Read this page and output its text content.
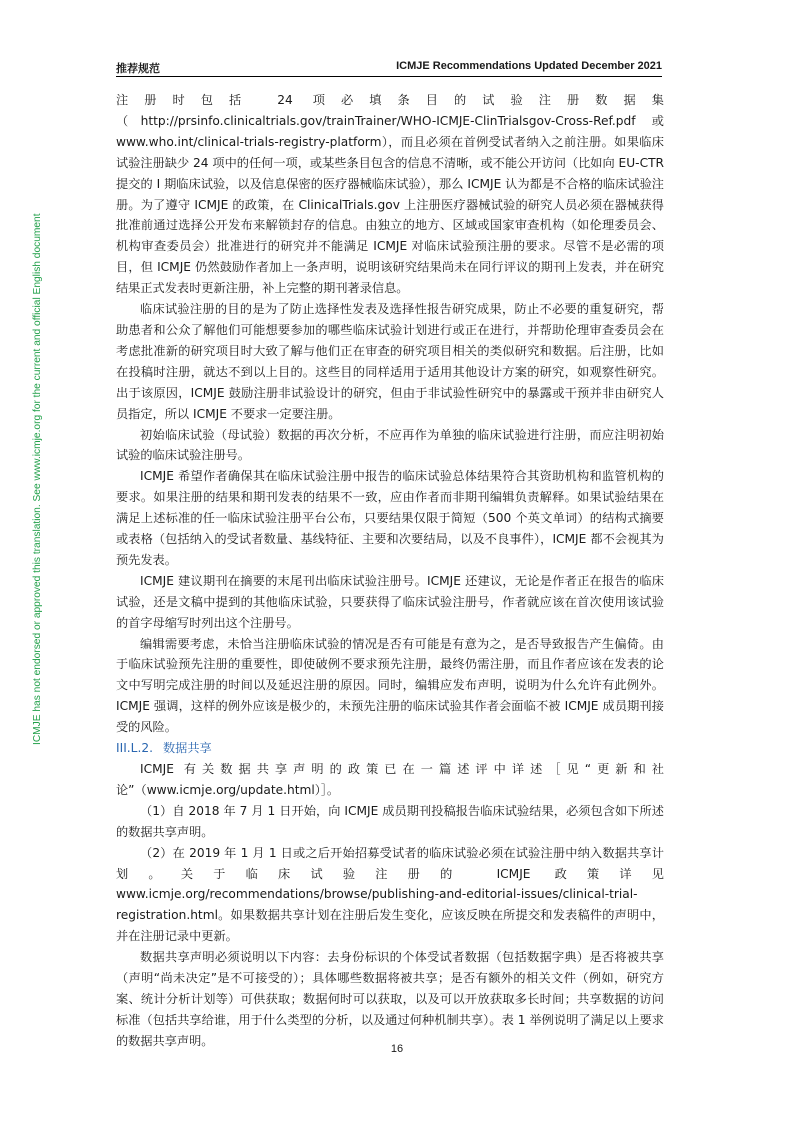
推荐规范	ICMJE Recommendations Updated December 2021
ICMJE has not endorsed or approved this translation. See www.icmje.org for the current and official English document

注册时包括 24 项必填条目的试验注册数据集（http://prsinfo.clinicaltrials.gov/trainTrainer/WHO-ICMJE-ClinTrialsgov-Cross-Ref.pdf 或 www.who.int/clinical-trials-registry-platform），而且必须在首例受试者纳入之前注册。如果临床试验注册缺少 24 项中的任何一项，或某些条目包含的信息不清晰，或不能公开访问（比如向 EU-CTR 提交的 I 期临床试验，以及信息保密的医疗器械临床试验），那么 ICMJE 认为都是不合格的临床试验注册。为了遵守 ICMJE 的政策，在 ClinicalTrials.gov 上注册医疗器械试验的研究人员必须在器械获得批准前通过选择公开发布来解锁封存的信息。由独立的地方、区域或国家审查机构（如伦理委员会、机构审查委员会）批准进行的研究并不能满足 ICMJE 对临床试验预注册的要求。尽管不是必需的项目，但 ICMJE 仍然鼓励作者加上一条声明，说明该研究结果尚未在同行评议的期刊上发表，并在研究结果正式发表时更新注册，补上完整的期刊著录信息。

临床试验注册的目的是为了防止选择性发表及选择性报告研究成果，防止不必要的重复研究，帮助患者和公众了解他们可能想要参加的哪些临床试验计划进行或正在进行，并帮助伦理审查委员会在考虑批准新的研究项目时大致了解与他们正在审查的研究项目相关的类似研究和数据。后注册，比如在投稿时注册，就达不到以上目的。这些目的同样适用于适用其他设计方案的研究，如观察性研究。出于该原因，ICMJE 鼓励注册非试验设计的研究，但由于非试验性研究中的暴露或干预并非由研究人员指定，所以 ICMJE 不要求一定要注册。

初始临床试验（母试验）数据的再次分析，不应再作为单独的临床试验进行注册，而应注明初始试验的临床试验注册号。

ICMJE 希望作者确保其在临床试验注册中报告的临床试验总体结果符合其资助机构和监管机构的要求。如果注册的结果和期刊发表的结果不一致，应由作者而非期刊编辑负责解释。如果试验结果在满足上述标准的任一临床试验注册平台公布，只要结果仅限于简短（500 个英文单词）的结构式摘要或表格（包括纳入的受试者数量、基线特征、主要和次要结局，以及不良事件），ICMJE 都不会视其为预先发表。

ICMJE 建议期刊在摘要的末尾刊出临床试验注册号。ICMJE 还建议，无论是作者正在报告的临床试验，还是文稿中提到的其他临床试验，只要获得了临床试验注册号，作者就应该在首次使用该试验的首字母缩写时列出这个注册号。

编辑需要考虑，未恰当注册临床试验的情况是否有可能是有意为之，是否导致报告产生偏倚。由于临床试验预先注册的重要性，即使破例不要求预先注册，最终仍需注册，而且作者应该在发表的论文中写明完成注册的时间以及延迟注册的原因。同时，编辑应发布声明，说明为什么允许有此例外。ICMJE 强调，这样的例外应该是极少的，未预先注册的临床试验其作者会面临不被 ICMJE 成员期刊接受的风险。

III.L.2. 数据共享

ICMJE 有关数据共享声明的政策已在一篇述评中详述［见“更新和社论”（www.icmje.org/update.html）］。

（1）自 2018 年 7 月 1 日开始，向 ICMJE 成员期刊投稿报告临床试验结果，必须包含如下所述的数据共享声明。

（2）在 2019 年 1 月 1 日或之后开始招募受试者的临床试验必须在试验注册中纳入数据共享计划。关于临床试验注册的 ICMJE 政策详见 www.icmje.org/recommendations/browse/publishing-and-editorial-issues/clinical-trial-registration.html。如果数据共享计划在注册后发生变化，应该反映在所提交和发表稿件的声明中，并在注册记录中更新。

数据共享声明必须说明以下内容：去身份标识的个体受试者数据（包括数据字典）是否将被共享（声明“尚未决定”是不可接受的）；具体哪些数据将被共享；是否有额外的相关文件（例如，研究方案、统计分析计划等）可供获取；数据何时可以获取，以及可以开放获取多长时间；共享数据的访问标准（包括共享给谁，用于什么类型的分析，以及通过何种机制共享）。表 1 举例说明了满足以上要求的数据共享声明。

16
